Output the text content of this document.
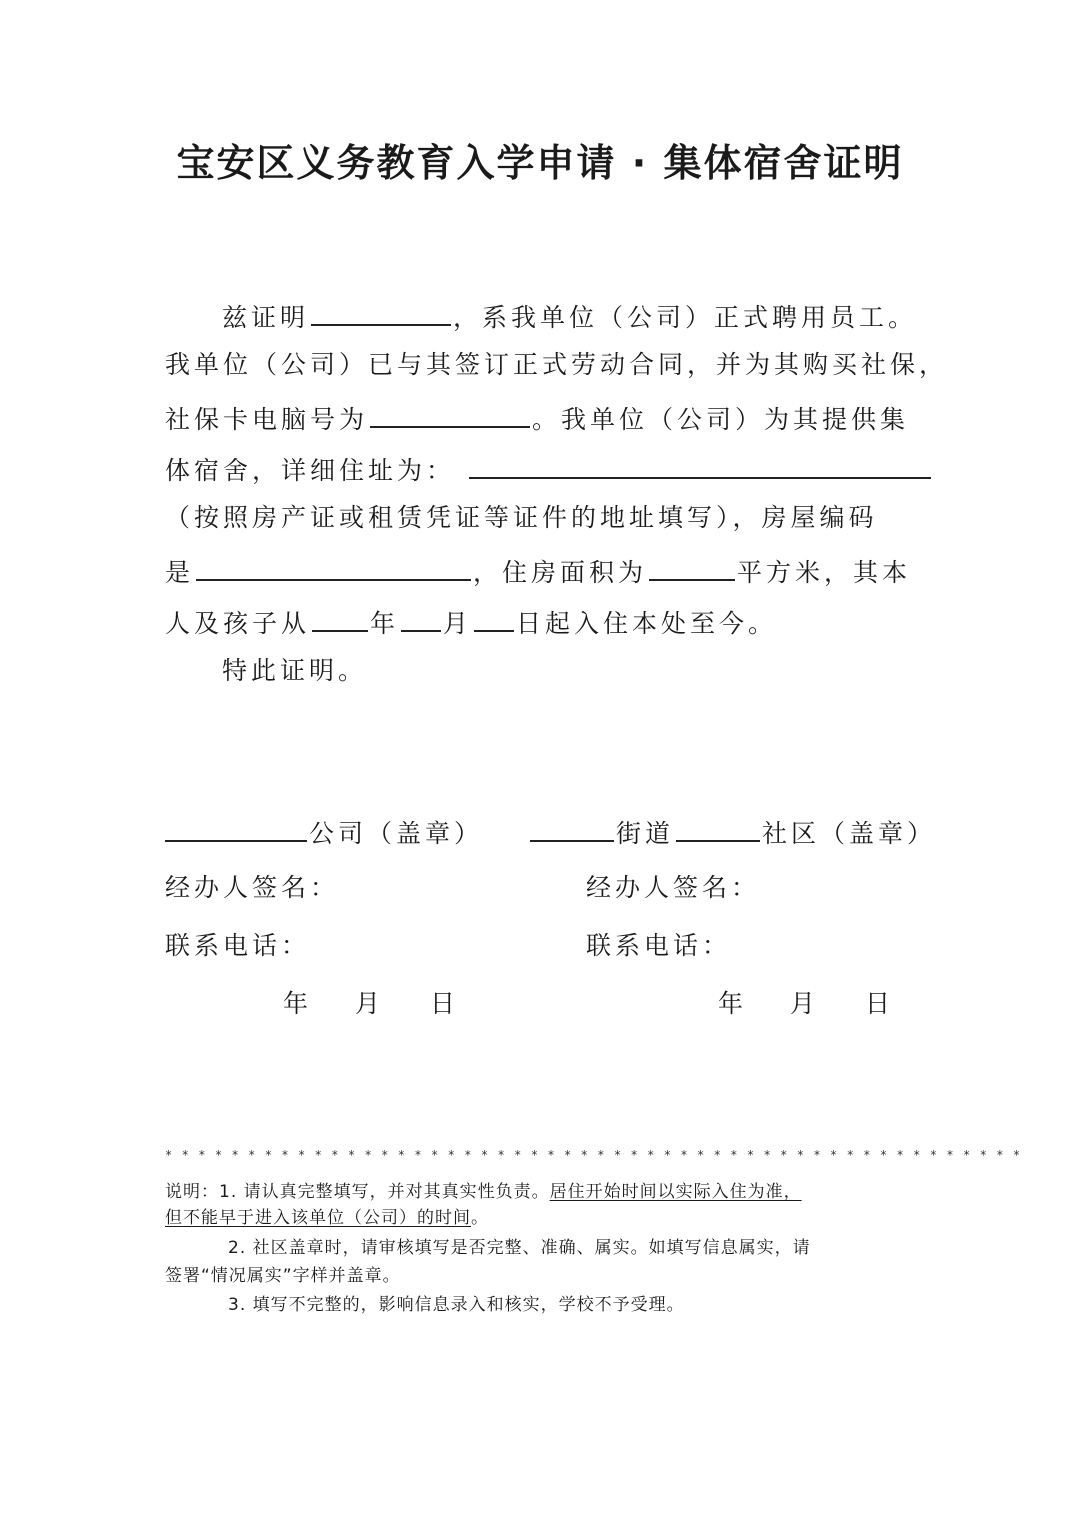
宝安区义务教育入学申请 · 集体宿舍证明
兹证明	，系我单位（公司）正式聘用员工。
我单位（公司）已与其签订正式劳动合同，并为其购买社保，
社保卡电脑号为	。我单位（公司）为其提供集
体宿舍，详细住址为：
（按照房产证或租赁凭证等证件的地址填写），房屋编码
是	，住房面积为	平方米，其本
人及孩子从 年 月 日起入住本处至今。
特此证明。
公司（盖章）	街道	社区（盖章）
经办人签名：	经办人签名：
联系电话：	联系电话：
年 月 日	年 月 日
****************************************************
说明：1. 请认真完整填写，并对其真实性负责。居住开始时间以实际入住为准，
但不能早于进入该单位（公司）的时间。
2. 社区盖章时，请审核填写是否完整、准确、属实。如填写信息属实，请
签署“情况属实”字样并盖章。
3. 填写不完整的，影响信息录入和核实，学校不予受理。
